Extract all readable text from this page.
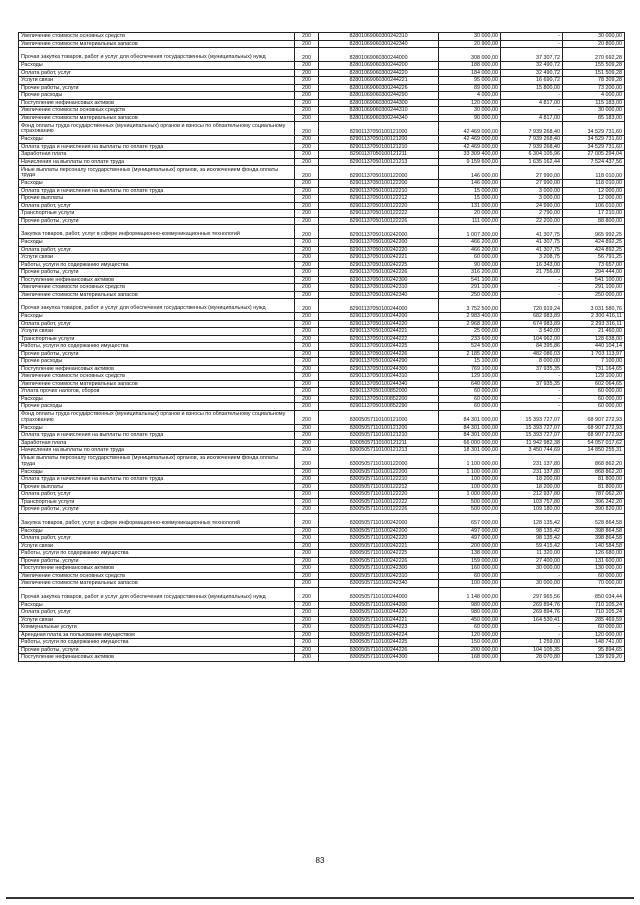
Увеличение стоимости основных средств	200	82801069060300242310	30 000,00	-	30 000,00
Увеличение стоимости материальных запасов	200	82801069060300242340	20 900,00	-	20 800,00
Прочая закупка товаров, работ и услуг для обеспечения государственных (муниципальных) нужд	200	82801069060300244000	308 000,00	37 307,72	270 692,28
Расходы	200	82801069060300244200	188 000,00	32 490,72	155 509,28
Оплата работ, услуг	200	82801069060300244220	184 000,00	32 490,72	151 509,28
Услуги связи	200	82801069060300244221	95 000,00	16 690,72	78 309,28
Прочие работы, услуги	200	82801069060300244226	89 000,00	15 800,00	73 200,00
Прочие расходы	200	82801069060300244290	4 000,00	-	4 000,00
Поступление нефинансовых активов	200	82801069060300244300	120 000,00	4 817,00	115 183,00
Увеличение стоимости основных средств	200	82801069060300244310	30 000,00	-	30 000,00
Увеличение стоимости материальных запасов	200	82801069060300244340	90 000,00	4 817,00	85 183,00
Фонд оплаты труда государственных (муниципальных) органов и взносы по обязательному социальному страхованию	200	82901137050100121000	42 469 000,00	7 939 268,40	34 529 731,60
Расходы	200	82901137050100121200	42 469 000,00	7 939 268,40	34 529 731,60
Оплата труда и начисления на выплаты по оплате труда	200	82901137050100121210	42 469 000,00	7 939 268,40	34 529 731,60
Заработная плата	200	82901137050100121211	33 309 400,00	6 304 105,96	27 005 294,04
Начисления на выплаты по оплате труда	200	82901137050100121213	9 159 600,00	1 635 162,44	7 524 437,56
Иные выплаты персоналу государственных (муниципальных) органов, за исключением фонда оплаты труда	200	82901137050100122000	146 000,00	27 990,00	118 010,00
Расходы	200	82901137050100122200	146 000,00	27 990,00	118 010,00
Оплата труда и начисления на выплаты по оплате труда	200	82901137050100122210	15 000,00	3 000,00	12 000,00
Прочие выплаты	200	82901137050100122212	15 000,00	3 000,00	12 000,00
Оплата работ, услуг	200	82901137050100122220	131 000,00	24 990,00	106 010,00
Транспортные услуги	200	82901137050100122222	20 000,00	2 790,00	17 210,00
Прочие работы, услуги	200	82901137050100122226	111 000,00	22 200,00	88 800,00
Закупка товаров, работ, услуг в сфере информационно-коммуникационных технологий	200	82901137050100242000	1 007 300,00	41 307,75	965 992,25
Расходы	200	82901137050100242200	466 200,00	41 307,75	424 892,25
Оплата работ, услуг	200	82901137050100242220	466 200,00	41 307,75	424 892,25
Услуги связи	200	82901137050100242221	60 000,00	3 208,75	56 791,25
Работы, услуги по содержанию имущества	200	82901137050100242225	90 000,00	16 343,00	73 657,00
Прочие работы, услуги	200	82901137050100242226	316 200,00	21 756,00	294 444,00
Поступление нефинансовых активов	200	82901137050100242300	541 100,00	-	541 100,00
Увеличение стоимости основных средств	200	82901137050100242310	291 100,00	-	291 100,00
Увеличение стоимости материальных запасов	200	82901137050100242340	250 000,00	-	250 000,00
Прочая закупка товаров, работ и услуг для обеспечения государственных (муниципальных) нужд	200	82901137050100244000	3 752 500,00	720 919,24	3 031 580,76
Расходы	200	82901137050100244200	2 983 400,00	682 983,89	2 300 416,11
Оплата работ, услуг	200	82901137050100244220	2 968 300,00	674 983,89	2 293 316,11
Услуги связи	200	82901137050100244221	25 000,00	3 540,00	21 460,00
Транспортные услуги	200	82901137050100244222	233 600,00	104 962,00	128 638,00
Работы, услуги по содержанию имущества	200	82901137050100244225	524 500,00	84 395,86	440 104,14
Прочие работы, услуги	200	82901137050100244226	2 185 200,00	482 086,03	1 703 113,97
Прочие расходы	200	82901137050100244290	15 100,00	8 000,00	7 100,00
Поступление нефинансовых активов	200	82901137050100244300	769 100,00	37 935,35	731 164,65
Увеличение стоимости основных средств	200	82901137050100244310	129 100,00	-	129 100,00
Увеличение стоимости материальных запасов	200	82901137050100244340	640 000,00	37 935,35	602 064,65
Уплата прочих налогов, сборов	200	82901137050100852000	60 000,00	-	60 000,00
Расходы	200	82901137050100852200	60 000,00	-	60 000,00
Прочие расходы	200	82901137050100852290	60 000,00	-	60 000,00
Фонд оплаты труда государственных (муниципальных) органов и взносы по обязательному социальному страхованию	200	83005057110100121000	84 301 000,00	15 393 727,07	68 907 272,93
Расходы	200	83005057110100121200	84 301 000,00	15 393 727,07	68 907 272,93
Оплата труда и начисления на выплаты по оплате труда	200	83005057110100121210	84 301 000,00	15 393 727,07	68 907 272,93
Заработная плата	200	83005057110100121211	66 000 000,00	11 942 982,38	54 057 017,62
Начисления на выплаты по оплате труда	200	83005057110100121213	18 301 000,00	3 450 744,69	14 850 255,31
Иные выплаты персоналу государственных (муниципальных) органов, за исключением фонда оплаты труда	200	83005057110100122000	1 100 000,00	231 137,80	868 862,20
Расходы	200	83005057110100122200	1 100 000,00	231 137,80	868 862,20
Оплата труда и начисления на выплаты по оплате труда	200	83005057110100122210	100 000,00	18 200,00	81 800,00
Прочие выплаты	200	83005057110100122212	100 000,00	18 200,00	81 800,00
Оплата работ, услуг	200	83005057110100122220	1 000 000,00	212 937,80	787 062,20
Транспортные услуги	200	83005057110100122222	500 000,00	103 757,80	396 242,20
Прочие работы, услуги	200	83005057110100122226	500 000,00	109 180,00	390 820,00
Закупка товаров, работ, услуг в сфере информационно-коммуникационных технологий	200	83005057110100242000	657 000,00	128 135,42	528 864,58
Расходы	200	83005057110100242200	497 000,00	98 135,42	398 864,58
Оплата работ, услуг	200	83005057110100242220	497 000,00	98 135,42	398 864,58
Услуги связи	200	83005057110100242221	200 000,00	59 415,42	140 584,58
Работы, услуги по содержанию имущества	200	83005057110100242225	138 000,00	11 320,00	126 680,00
Прочие работы, услуги	200	83005057110100242226	159 000,00	27 400,00	131 600,00
Поступление нефинансовых активов	200	83005057110100242300	160 000,00	30 000,00	130 000,00
Увеличение стоимости основных средств	200	83005057110100242310	60 000,00	-	60 000,00
Увеличение стоимости материальных запасов	200	83005057110100242340	100 000,00	30 000,00	70 000,00
Прочая закупка товаров, работ и услуг для обеспечения государственных (муниципальных) нужд	200	83005057110100244000	1 148 000,00	297 965,56	850 034,44
Расходы	200	83005057110100244200	980 000,00	269 894,76	710 105,24
Оплата работ, услуг	200	83005057110100244220	980 000,00	269 894,76	710 105,24
Услуги связи	200	83005057110100244221	450 000,00	164 530,41	285 469,59
Коммунальные услуги	200	83005057110100244223	60 000,00	-	60 000,00
Арендная плата за пользование имуществом	200	83005057110100244224	120 000,00	-	120 000,00
Работы, услуги по содержанию имущества	200	83005057110100244225	150 000,00	1 259,00	148 741,00
Прочие работы, услуги	200	83005057110100244226	200 000,00	104 105,35	95 894,65
Поступление нефинансовых активов	200	83005057110100244300	168 000,00	28 070,80	139 929,20
83
